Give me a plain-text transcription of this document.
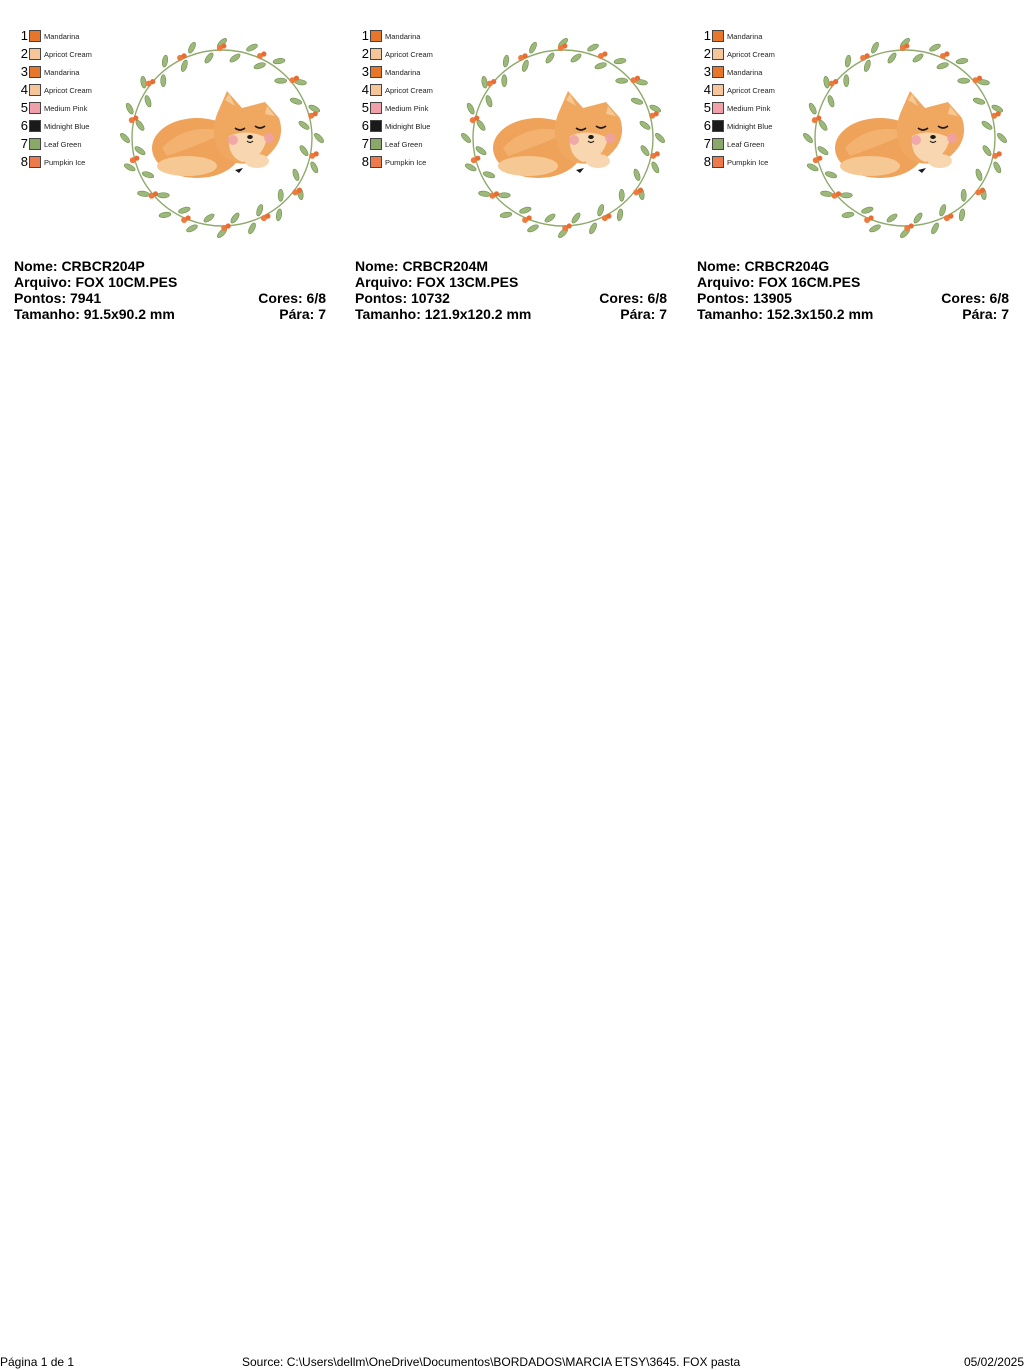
1 Mandarina
2 Apricot Cream
3 Mandarina
4 Apricot Cream
5 Medium Pink
6 Midnight Blue
7 Leaf Green
8 Pumpkin Ice
Nome: CRBCR204P
Arquivo: FOX 10CM.PES
Pontos: 7941	Cores: 6/8
Tamanho: 91.5x90.2 mm	Pára: 7
1 Mandarina
2 Apricot Cream
3 Mandarina
4 Apricot Cream
5 Medium Pink
6 Midnight Blue
7 Leaf Green
8 Pumpkin Ice
Nome: CRBCR204M
Arquivo: FOX 13CM.PES
Pontos: 10732	Cores: 6/8
Tamanho: 121.9x120.2 mm	Pára: 7
1 Mandarina
2 Apricot Cream
3 Mandarina
4 Apricot Cream
5 Medium Pink
6 Midnight Blue
7 Leaf Green
8 Pumpkin Ice
Nome: CRBCR204G
Arquivo: FOX 16CM.PES
Pontos: 13905	Cores: 6/8
Tamanho: 152.3x150.2 mm	Pára: 7
Página 1 de 1	Source: C:\Users\dellm\OneDrive\Documentos\BORDADOS\MARCIA ETSY\3645. FOX pasta	05/02/2025
